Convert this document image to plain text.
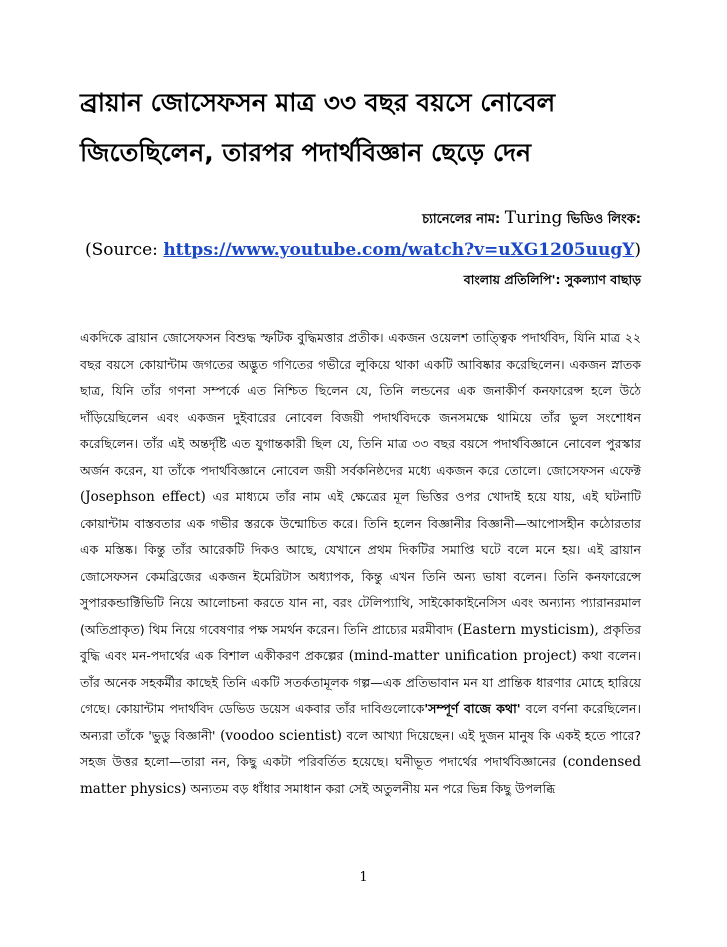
ব্রায়ান জোসেফসন মাত্র ৩৩ বছর বয়সে নোবেল জিতেছিলেন, তারপর পদার্থবিজ্ঞান ছেড়ে দেন
চ্যানেলের নাম: Turing ভিডিও লিংক:
(Source: https://www.youtube.com/watch?v=uXG1205uugY)
বাংলায় প্রতিলিপি': সুকল্যাণ বাছাড়

একদিকে ব্রায়ান জোসেফসন বিশুদ্ধ স্ফটিক বুদ্ধিমত্তার প্রতীক। একজন ওয়েলশ তাত্ত্বিক পদার্থবিদ, যিনি মাত্র ২২ বছর বয়সে কোয়ান্টাম জগতের অদ্ভুত গণিতের গভীরে লুকিয়ে থাকা একটি আবিষ্কার করেছিলেন। একজন স্নাতক ছাত্র, যিনি তাঁর গণনা সম্পর্কে এত নিশ্চিত ছিলেন যে, তিনি লন্ডনের এক জনাকীর্ণ কনফারেন্স হলে উঠে দাঁড়িয়েছিলেন এবং একজন দুইবারের নোবেল বিজয়ী পদার্থবিদকে জনসমক্ষে থামিয়ে তাঁর ভুল সংশোধন করেছিলেন। তাঁর এই অন্তর্দৃষ্টি এত যুগান্তকারী ছিল যে, তিনি মাত্র ৩৩ বছর বয়সে পদার্থবিজ্ঞানে নোবেল পুরস্কার অর্জন করেন, যা তাঁকে পদার্থবিজ্ঞানে নোবেল জয়ী সর্বকনিষ্ঠদের মধ্যে একজন করে তোলে। জোসেফসন এফেক্ট (Josephson effect) এর মাধ্যমে তাঁর নাম এই ক্ষেত্রের মূল ভিত্তির ওপর খোদাই হয়ে যায়, এই ঘটনাটি কোয়ান্টাম বাস্তবতার এক গভীর স্তরকে উন্মোচিত করে। তিনি হলেন বিজ্ঞানীর বিজ্ঞানী—আপোসহীন কঠোরতার এক মস্তিষ্ক। কিন্তু তাঁর আরেকটি দিকও আছে, যেখানে প্রথম দিকটির সমাপ্তি ঘটে বলে মনে হয়। এই ব্রায়ান জোসেফসন কেমব্রিজের একজন ইমেরিটাস অধ্যাপক, কিন্তু এখন তিনি অন্য ভাষা বলেন। তিনি কনফারেন্সে সুপারকন্ডাক্টিভিটি নিয়ে আলোচনা করতে যান না, বরং টেলিপ্যাথি, সাইকোকাইনেসিস এবং অন্যান্য প্যারানরমাল (অতিপ্রাকৃত) থিম নিয়ে গবেষণার পক্ষ সমর্থন করেন। তিনি প্রাচ্যের মরমীবাদ (Eastern mysticism), প্রকৃতির বুদ্ধি এবং মন-পদার্থের এক বিশাল একীকরণ প্রকল্পের (mind-matter unification project) কথা বলেন। তাঁর অনেক সহকর্মীর কাছেই তিনি একটি সতর্কতামূলক গল্প—এক প্রতিভাবান মন যা প্রান্তিক ধারণার মোহে হারিয়ে গেছে। কোয়ান্টাম পদার্থবিদ ডেভিড ডয়েস একবার তাঁর দাবিগুলোকে'সম্পূর্ণ বাজে কথা' বলে বর্ণনা করেছিলেন। অন্যরা তাঁকে 'ভুডু বিজ্ঞানী' (voodoo scientist) বলে আখ্যা দিয়েছেন। এই দুজন মানুষ কি একই হতে পারে? সহজ উত্তর হলো—তারা নন, কিছু একটা পরিবর্তিত হয়েছে। ঘনীভূত পদার্থের পদার্থবিজ্ঞানের (condensed matter physics) অন্যতম বড় ধাঁধার সমাধান করা সেই অতুলনীয় মন পরে ভিন্ন কিছু উপলব্ধি

1
